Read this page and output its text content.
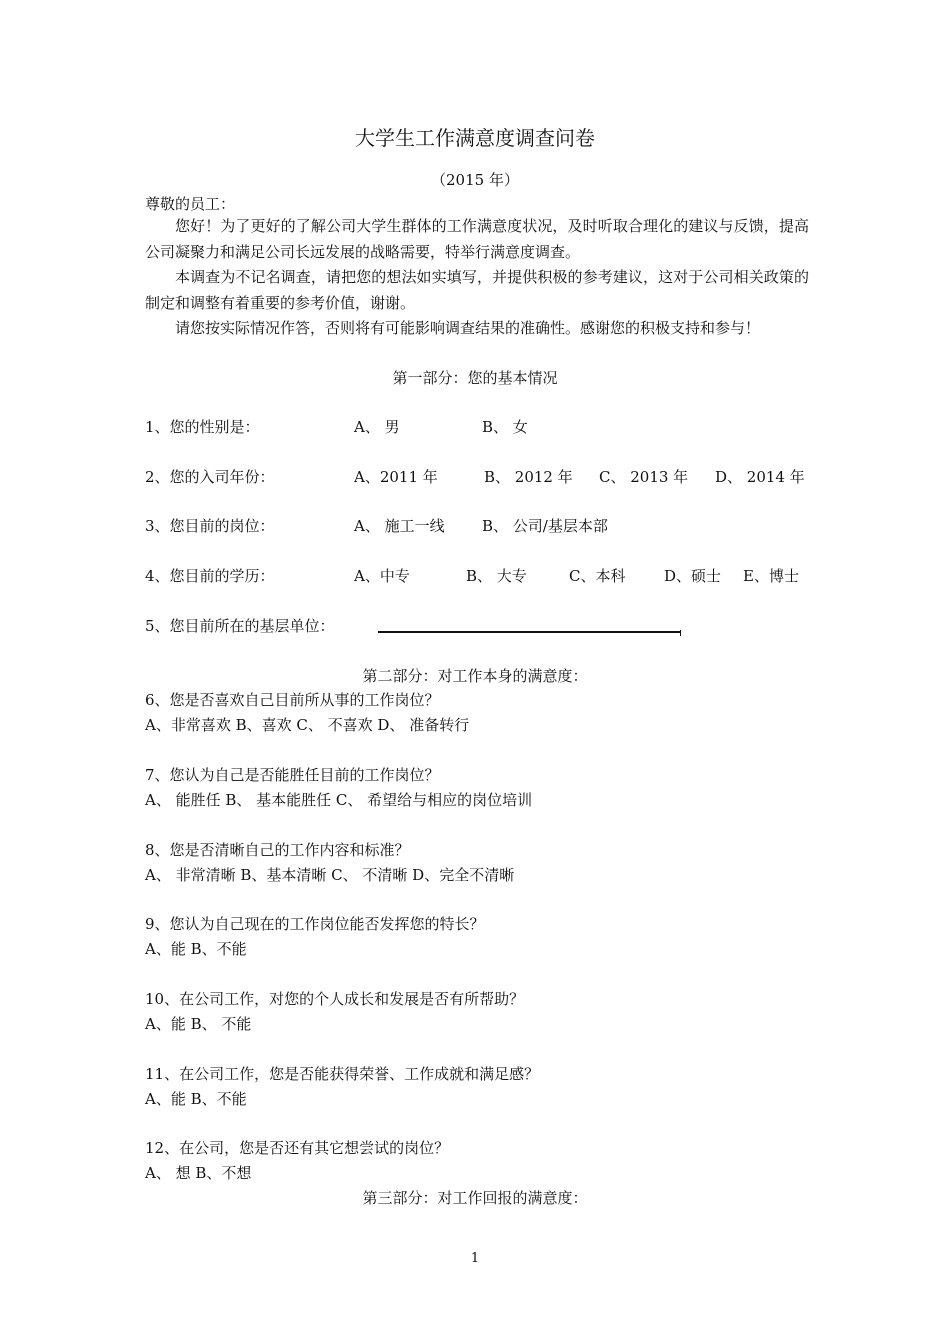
大学生工作满意度调查问卷
（2015 年）
尊敬的员工：
您好！为了更好的了解公司大学生群体的工作满意度状况，及时听取合理化的建议与反馈，提高公司凝聚力和满足公司长远发展的战略需要，特举行满意度调查。
本调查为不记名调查，请把您的想法如实填写，并提供积极的参考建议，这对于公司相关政策的制定和调整有着重要的参考价值，谢谢。
请您按实际情况作答，否则将有可能影响调查结果的准确性。感谢您的积极支持和参与！
第一部分：您的基本情况
1、您的性别是：	A、 男	B、 女
2、您的入司年份：	A、2011 年	B、 2012 年 C、 2013 年 D、 2014 年
3、您目前的岗位：	A、 施工一线 B、 公司/基层本部
4、您目前的学历：	A、中专	B、 大专	C、本科	D、硕士 E、博士
5、您目前所在的基层单位：
第二部分：对工作本身的满意度：
6、您是否喜欢自己目前所从事的工作岗位？
A、非常喜欢 B、喜欢 C、 不喜欢 D、 准备转行
7、您认为自己是否能胜任目前的工作岗位？
A、 能胜任 B、 基本能胜任 C、 希望给与相应的岗位培训
8、您是否清晰自己的工作内容和标准？
A、 非常清晰 B、基本清晰 C、 不清晰 D、完全不清晰
9、您认为自己现在的工作岗位能否发挥您的特长？
A、能 B、不能
10、在公司工作，对您的个人成长和发展是否有所帮助？
A、能 B、 不能
11、在公司工作，您是否能获得荣誉、工作成就和满足感？
A、能 B、不能
12、在公司，您是否还有其它想尝试的岗位？
A、 想 B、不想
第三部分：对工作回报的满意度：
1
